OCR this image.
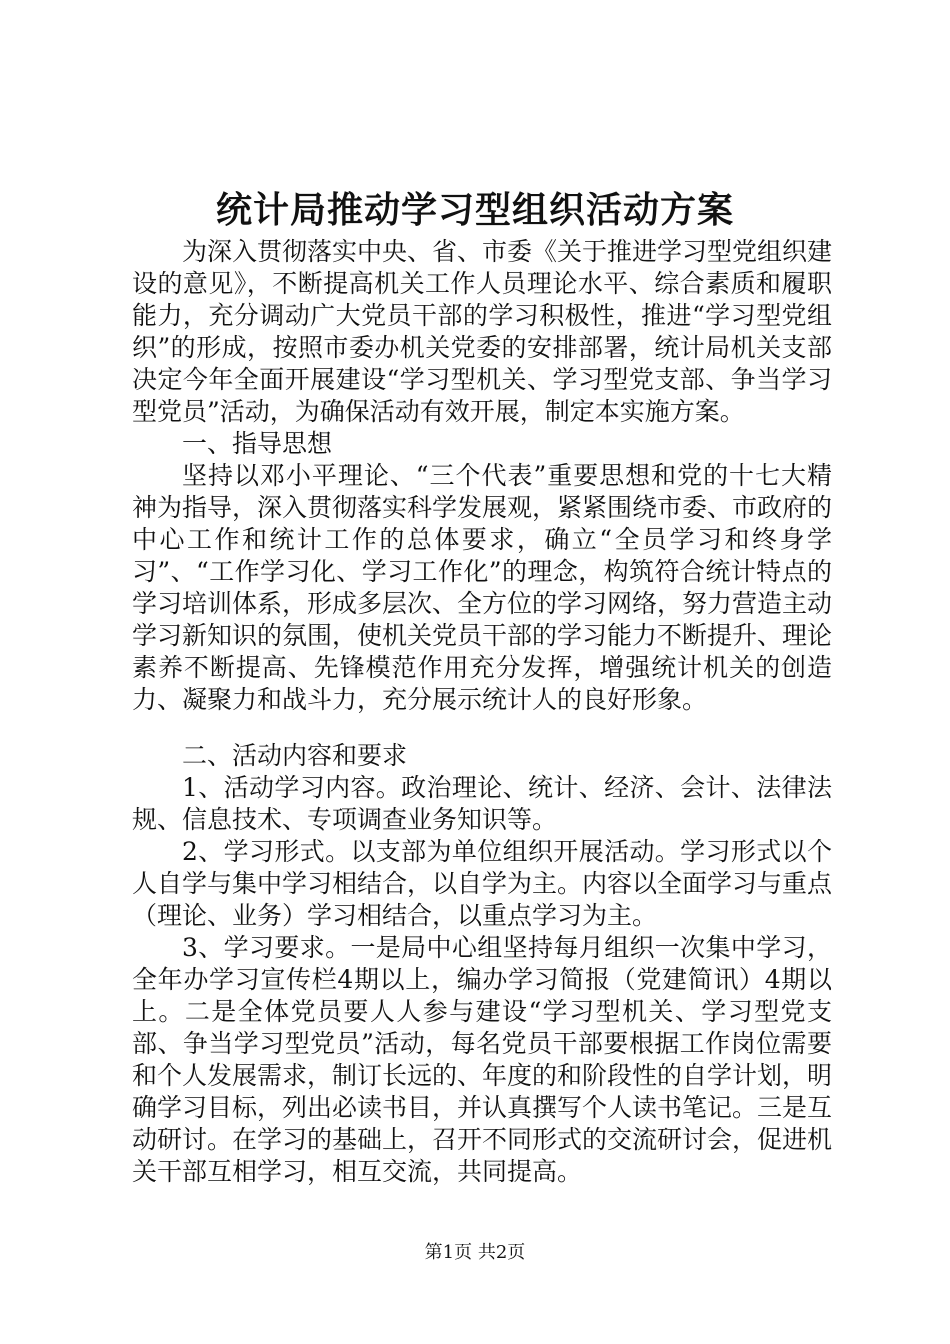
统计局推动学习型组织活动方案

为深入贯彻落实中央、省、市委《关于推进学习型党组织建设的意见》，不断提高机关工作人员理论水平、综合素质和履职能力，充分调动广大党员干部的学习积极性，推进“学习型党组织”的形成，按照市委办机关党委的安排部署，统计局机关支部决定今年全面开展建设“学习型机关、学习型党支部、争当学习型党员”活动，为确保活动有效开展，制定本实施方案。

一、指导思想

坚持以邓小平理论、“三个代表”重要思想和党的十七大精神为指导，深入贯彻落实科学发展观，紧紧围绕市委、市政府的中心工作和统计工作的总体要求，确立“全员学习和终身学习”、“工作学习化、学习工作化”的理念，构筑符合统计特点的学习培训体系，形成多层次、全方位的学习网络，努力营造主动学习新知识的氛围，使机关党员干部的学习能力不断提升、理论素养不断提高、先锋模范作用充分发挥，增强统计机关的创造力、凝聚力和战斗力，充分展示统计人的良好形象。

二、活动内容和要求

1、活动学习内容。政治理论、统计、经济、会计、法律法规、信息技术、专项调查业务知识等。

2、学习形式。以支部为单位组织开展活动。学习形式以个人自学与集中学习相结合，以自学为主。内容以全面学习与重点（理论、业务）学习相结合，以重点学习为主。

3、学习要求。一是局中心组坚持每月组织一次集中学习，全年办学习宣传栏4期以上，编办学习简报（党建简讯）4期以上。二是全体党员要人人参与建设“学习型机关、学习型党支部、争当学习型党员”活动，每名党员干部要根据工作岗位需要和个人发展需求，制订长远的、年度的和阶段性的自学计划，明确学习目标，列出必读书目，并认真撰写个人读书笔记。三是互动研讨。在学习的基础上，召开不同形式的交流研讨会，促进机关干部互相学习，相互交流，共同提高。

第1页 共2页
